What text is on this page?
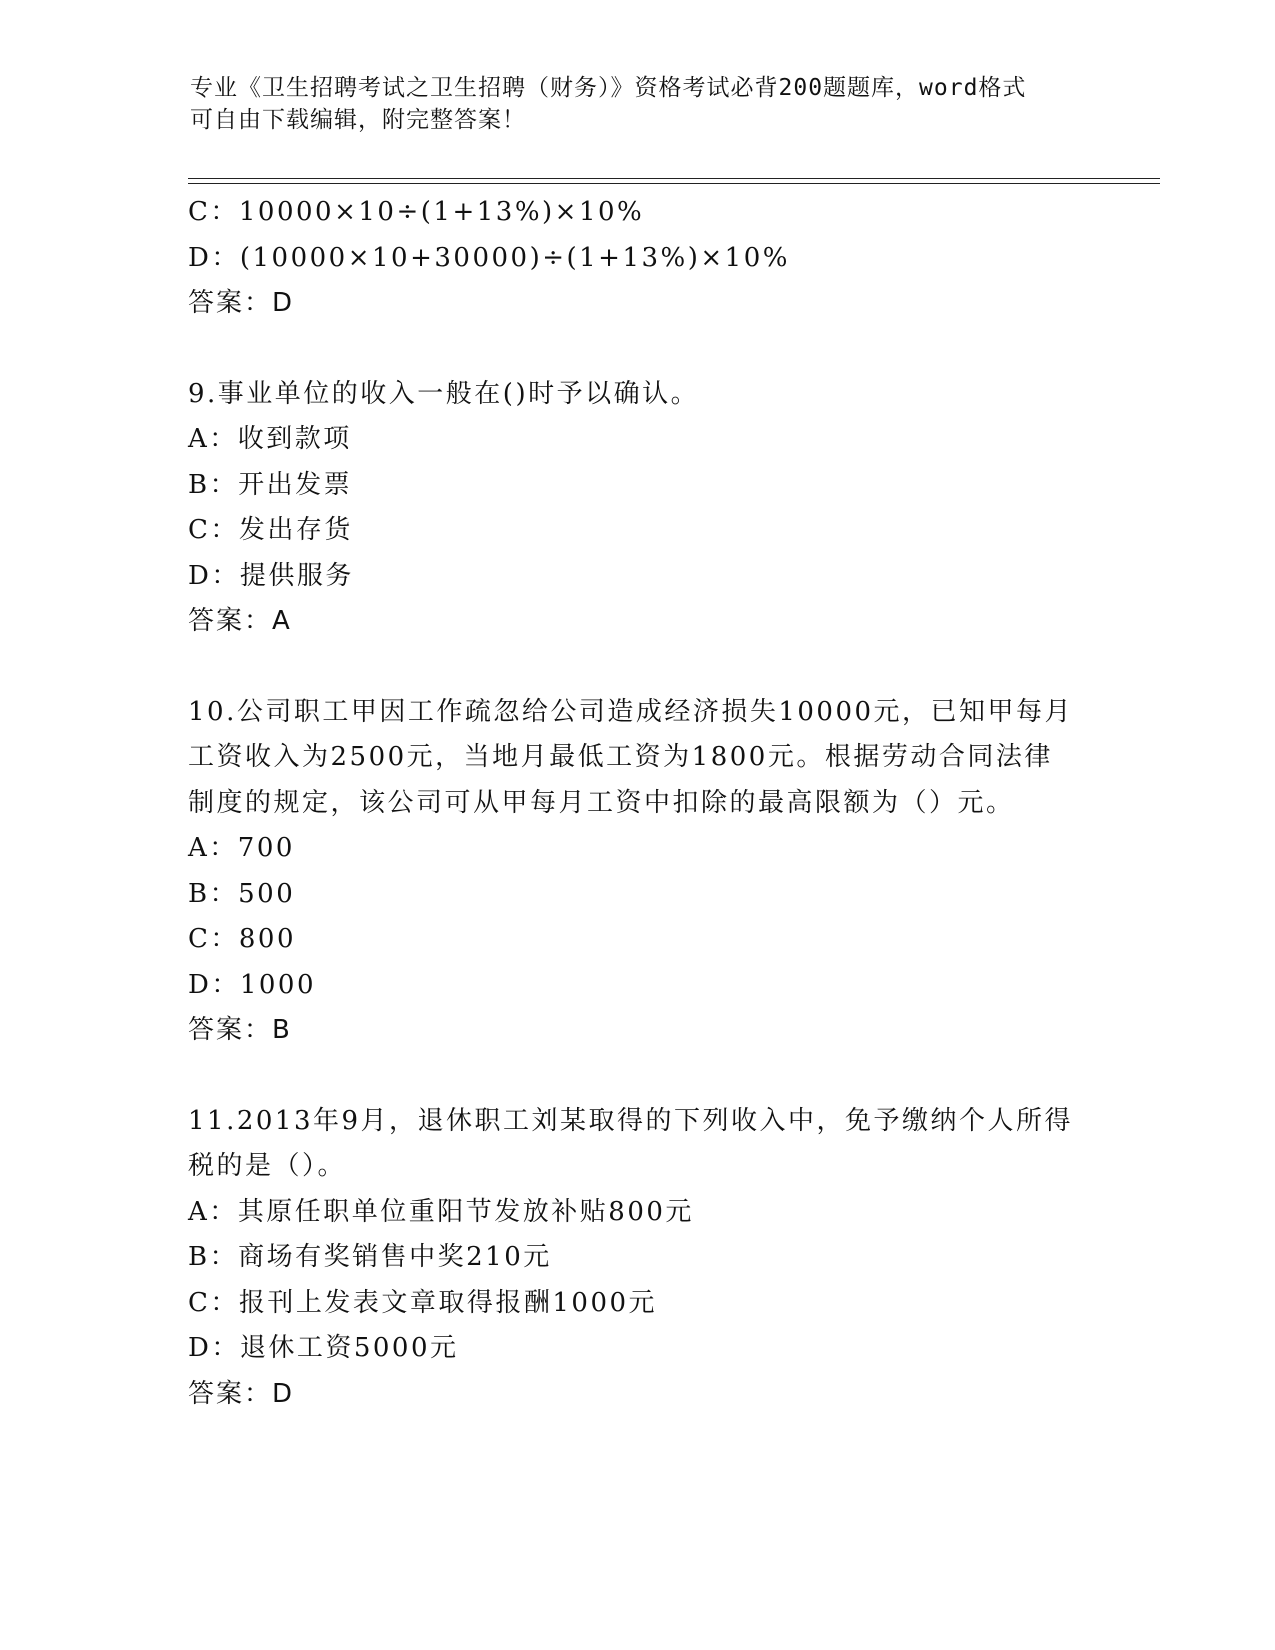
专业《卫生招聘考试之卫生招聘（财务）》资格考试必背200题题库，word格式
可自由下载编辑，附完整答案！
C：10000×10÷(1+13%)×10%
D：(10000×10+30000)÷(1+13%)×10%
答案：D
9.事业单位的收入一般在()时予以确认。
A：收到款项
B：开出发票
C：发出存货
D：提供服务
答案：A
10.公司职工甲因工作疏忽给公司造成经济损失10000元，已知甲每月
工资收入为2500元，当地月最低工资为1800元。根据劳动合同法律
制度的规定，该公司可从甲每月工资中扣除的最高限额为（）元。
A：700
B：500
C：800
D：1000
答案：B
11.2013年9月，退休职工刘某取得的下列收入中，免予缴纳个人所得
税的是（）。
A：其原任职单位重阳节发放补贴800元
B：商场有奖销售中奖210元
C：报刊上发表文章取得报酬1000元
D：退休工资5000元
答案：D
